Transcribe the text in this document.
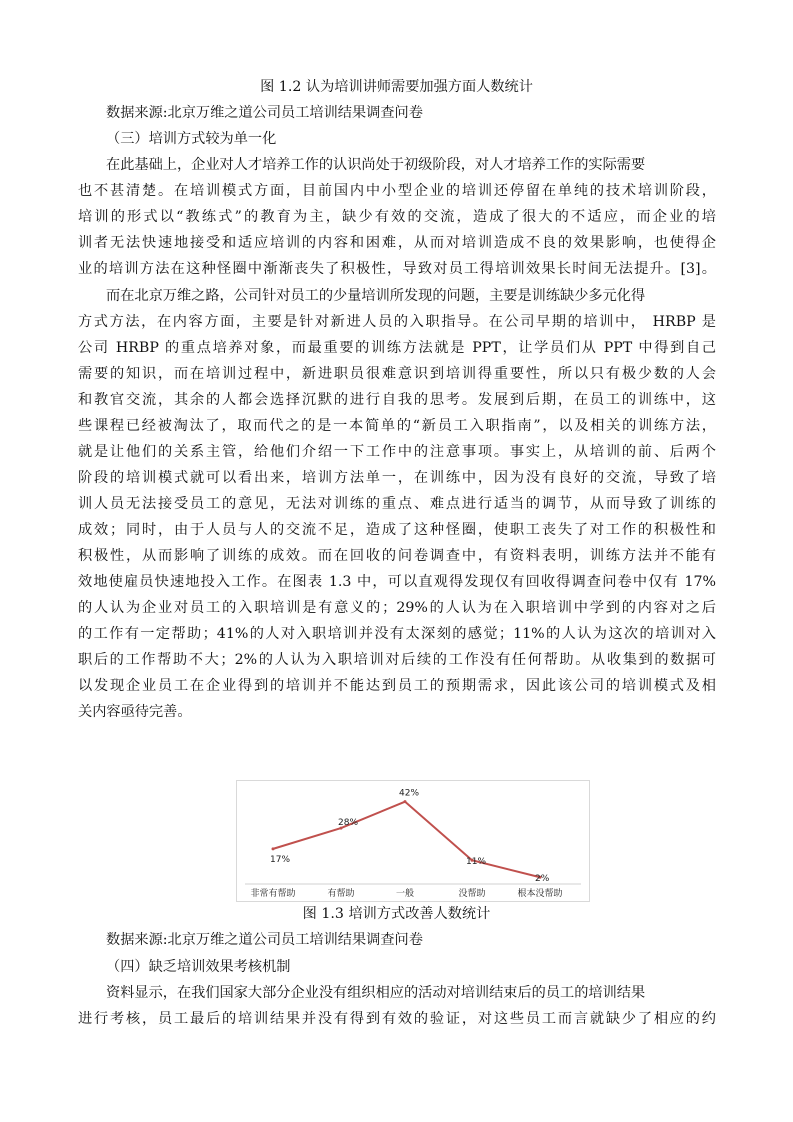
图 1.2 认为培训讲师需要加强方面人数统计
数据来源:北京万维之道公司员工培训结果调查问卷
（三）培训方式较为单一化
在此基础上，企业对人才培养工作的认识尚处于初级阶段，对人才培养工作的实际需要
也不甚清楚。在培训模式方面，目前国内中小型企业的培训还停留在单纯的技术培训阶段，
培训的形式以“教练式”的教育为主，缺少有效的交流，造成了很大的不适应，而企业的培
训者无法快速地接受和适应培训的内容和困难，从而对培训造成不良的效果影响，也使得企
业的培训方法在这种怪圈中渐渐丧失了积极性，导致对员工得培训效果长时间无法提升。[3]。
而在北京万维之路，公司针对员工的少量培训所发现的问题，主要是训练缺少多元化得
方式方法，在内容方面，主要是针对新进人员的入职指导。在公司早期的培训中， HRBP 是
公司 HRBP 的重点培养对象，而最重要的训练方法就是 PPT，让学员们从 PPT 中得到自己
需要的知识，而在培训过程中，新进职员很难意识到培训得重要性，所以只有极少数的人会
和教官交流，其余的人都会选择沉默的进行自我的思考。发展到后期，在员工的训练中，这
些课程已经被淘汰了，取而代之的是一本简单的“新员工入职指南”，以及相关的训练方法，
就是让他们的关系主管，给他们介绍一下工作中的注意事项。事实上，从培训的前、后两个
阶段的培训模式就可以看出来，培训方法单一，在训练中，因为没有良好的交流，导致了培
训人员无法接受员工的意见，无法对训练的重点、难点进行适当的调节，从而导致了训练的
成效；同时，由于人员与人的交流不足，造成了这种怪圈，使职工丧失了对工作的积极性和
积极性，从而影响了训练的成效。而在回收的问卷调查中，有资料表明，训练方法并不能有
效地使雇员快速地投入工作。在图表 1.3 中，可以直观得发现仅有回收得调查问卷中仅有 17%
的人认为企业对员工的入职培训是有意义的；29%的人认为在入职培训中学到的内容对之后
的工作有一定帮助；41%的人对入职培训并没有太深刻的感觉；11%的人认为这次的培训对入
职后的工作帮助不大；2%的人认为入职培训对后续的工作没有任何帮助。从收集到的数据可
以发现企业员工在企业得到的培训并不能达到员工的预期需求，因此该公司的培训模式及相
关内容亟待完善。
17%
28%
42%
11%
2%
非常有帮助	有帮助	一般	没帮助	根本没帮助
图 1.3 培训方式改善人数统计
数据来源:北京万维之道公司员工培训结果调查问卷
（四）缺乏培训效果考核机制
资料显示，在我们国家大部分企业没有组织相应的活动对培训结束后的员工的培训结果
进行考核，员工最后的培训结果并没有得到有效的验证，对这些员工而言就缺少了相应的约
